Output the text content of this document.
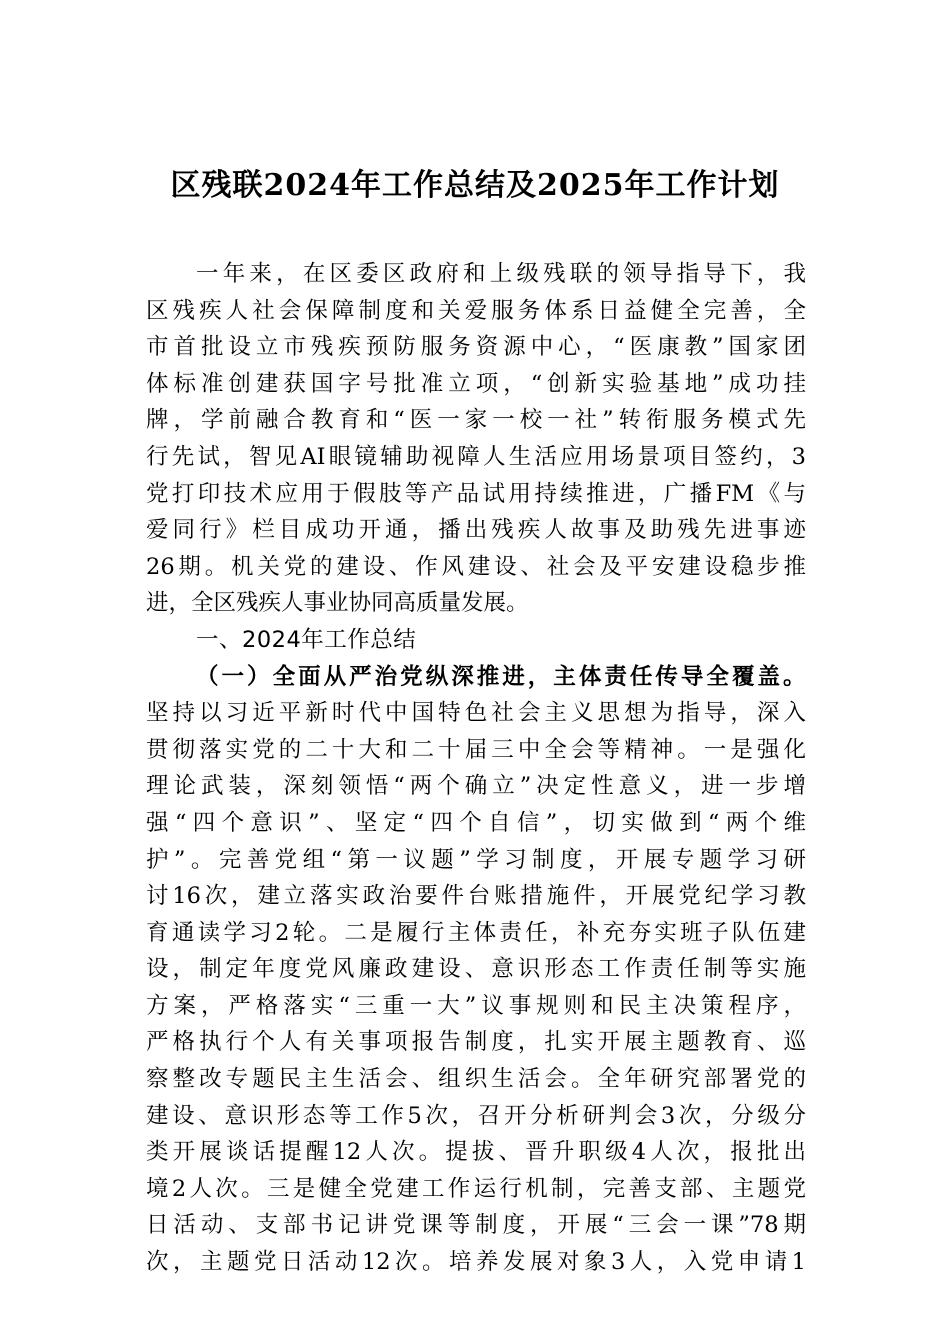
区残联2024年工作总结及2025年工作计划
一年来，在区委区政府和上级残联的领导指导下，我
区残疾人社会保障制度和关爱服务体系日益健全完善，全
市首批设立市残疾预防服务资源中心，“医康教”国家团
体标准创建获国字号批准立项，“创新实验基地”成功挂
牌，学前融合教育和“医一家一校一社”转衔服务模式先
行先试，智见AI眼镜辅助视障人生活应用场景项目签约，3
党打印技术应用于假肢等产品试用持续推进，广播FM《与
爱同行》栏目成功开通，播出残疾人故事及助残先进事迹
26期。机关党的建设、作风建设、社会及平安建设稳步推
进，全区残疾人事业协同高质量发展。
一、2024年工作总结
（一）全面从严治党纵深推进，主体责任传导全覆盖。
坚持以习近平新时代中国特色社会主义思想为指导，深入
贯彻落实党的二十大和二十届三中全会等精神。一是强化
理论武装，深刻领悟“两个确立”决定性意义，进一步增
强“四个意识”、坚定“四个自信”，切实做到“两个维
护”。完善党组“第一议题”学习制度，开展专题学习研
讨16次，建立落实政治要件台账措施件，开展党纪学习教
育通读学习2轮。二是履行主体责任，补充夯实班子队伍建
设，制定年度党风廉政建设、意识形态工作责任制等实施
方案，严格落实“三重一大”议事规则和民主决策程序，
严格执行个人有关事项报告制度，扎实开展主题教育、巡
察整改专题民主生活会、组织生活会。全年研究部署党的
建设、意识形态等工作5次，召开分析研判会3次，分级分
类开展谈话提醒12人次。提拔、晋升职级4人次，报批出
境2人次。三是健全党建工作运行机制，完善支部、主题党
日活动、支部书记讲党课等制度，开展“三会一课”78期
次，主题党日活动12次。培养发展对象3人，入党申请1
